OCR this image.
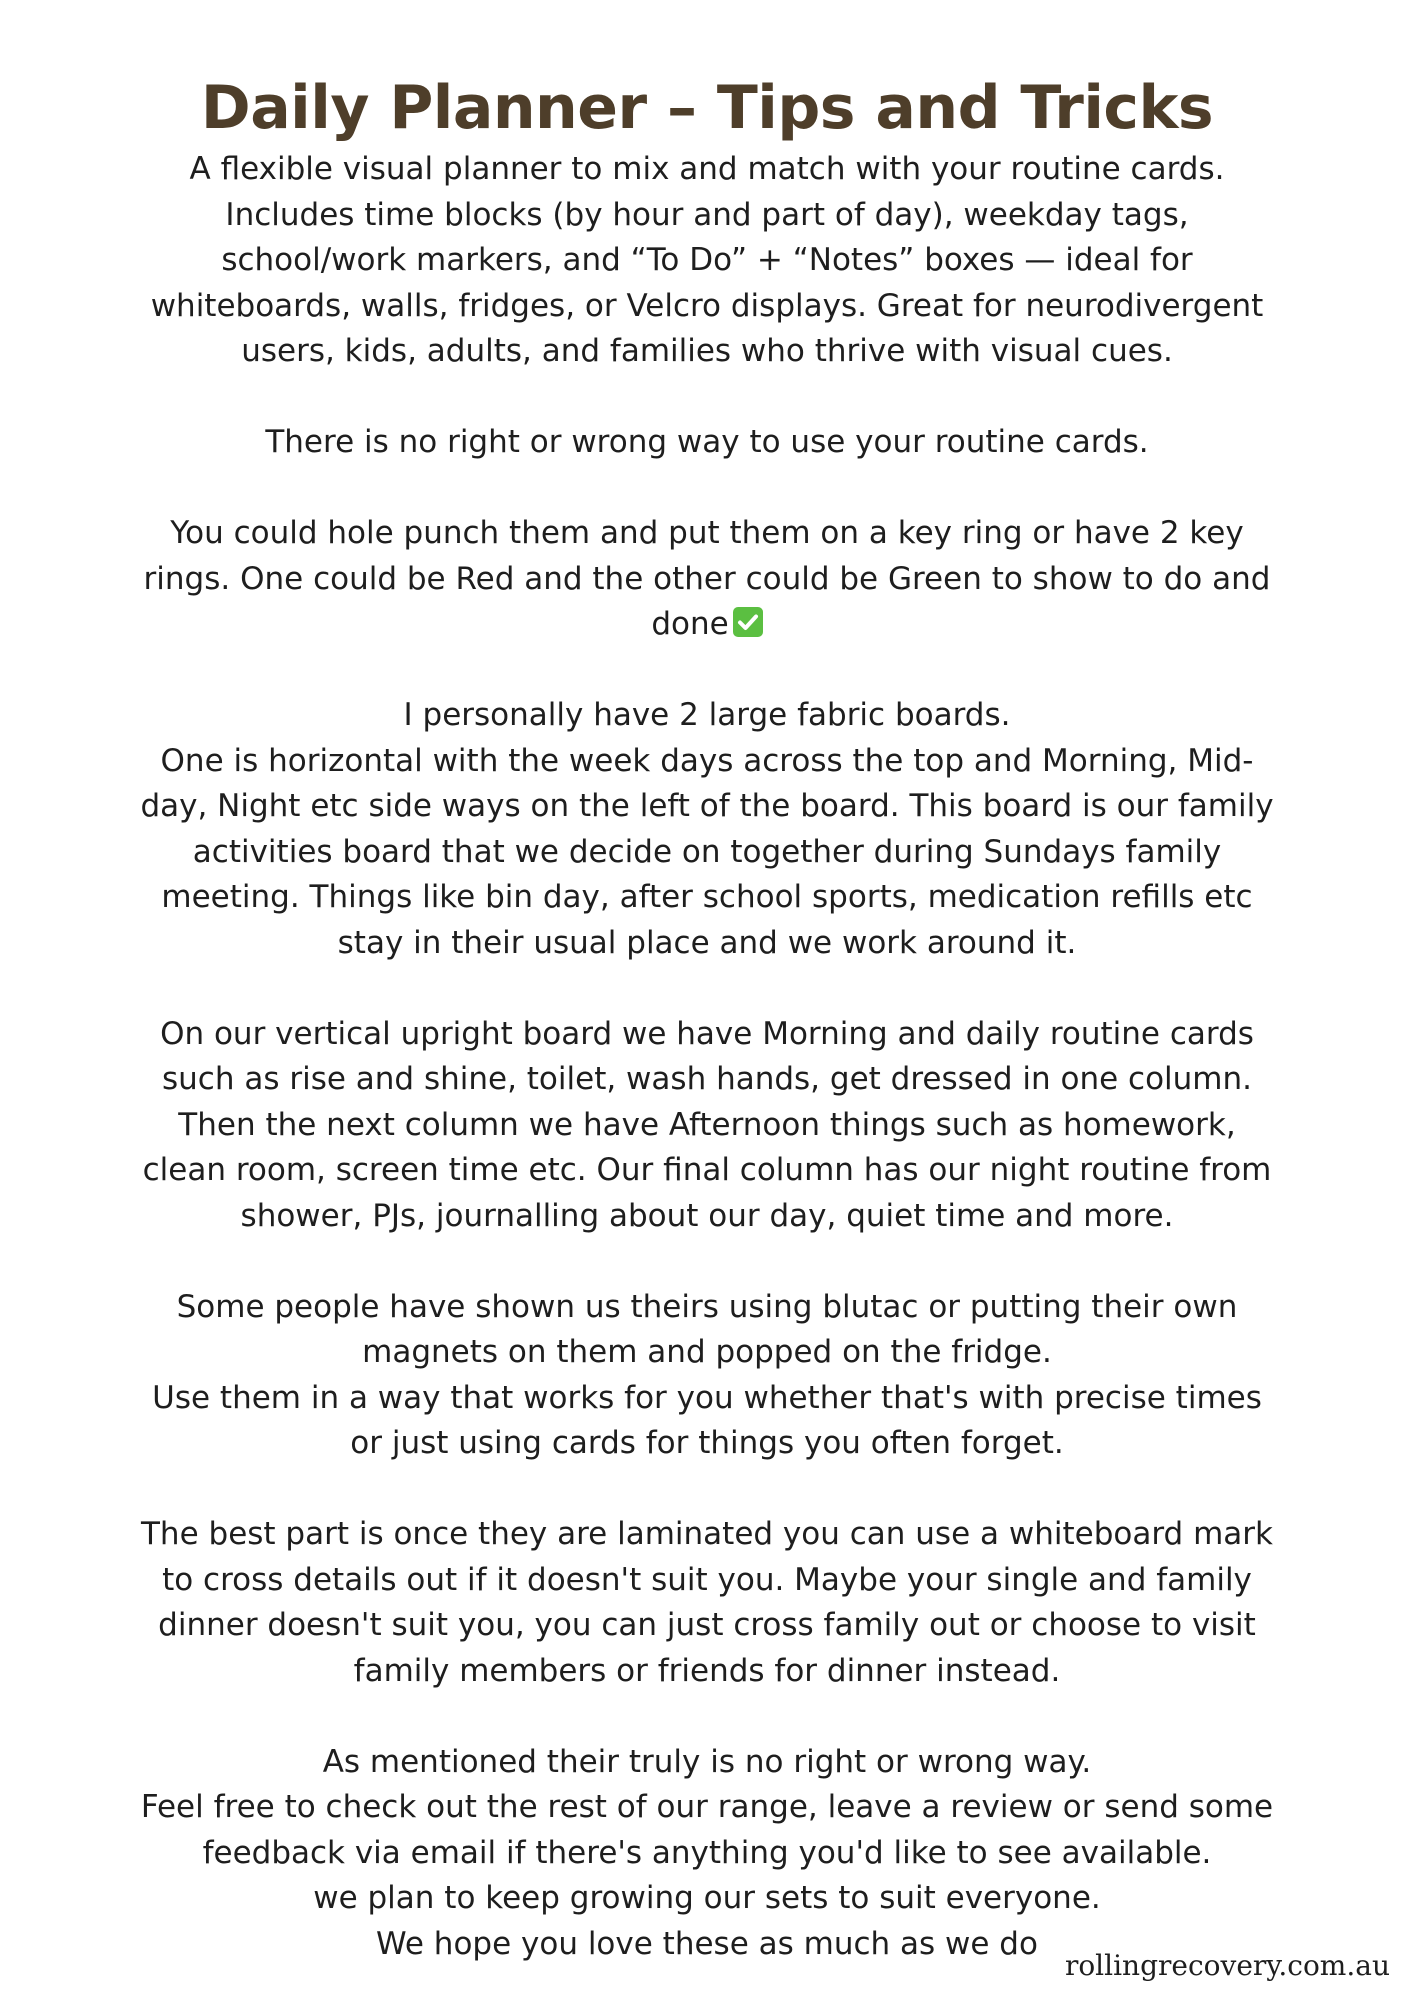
Daily Planner – Tips and Tricks
A flexible visual planner to mix and match with your routine cards.
Includes time blocks (by hour and part of day), weekday tags,
school/work markers, and “To Do” + “Notes” boxes — ideal for
whiteboards, walls, fridges, or Velcro displays. Great for neurodivergent
users, kids, adults, and families who thrive with visual cues.
There is no right or wrong way to use your routine cards.
You could hole punch them and put them on a key ring or have 2 key
rings. One could be Red and the other could be Green to show to do and
done
I personally have 2 large fabric boards.
One is horizontal with the week days across the top and Morning, Mid-
day, Night etc side ways on the left of the board. This board is our family
activities board that we decide on together during Sundays family
meeting. Things like bin day, after school sports, medication refills etc
stay in their usual place and we work around it.
On our vertical upright board we have Morning and daily routine cards
such as rise and shine, toilet, wash hands, get dressed in one column.
Then the next column we have Afternoon things such as homework,
clean room, screen time etc. Our final column has our night routine from
shower, PJs, journalling about our day, quiet time and more.
Some people have shown us theirs using blutac or putting their own
magnets on them and popped on the fridge.
Use them in a way that works for you whether that's with precise times
or just using cards for things you often forget.
The best part is once they are laminated you can use a whiteboard mark
to cross details out if it doesn't suit you. Maybe your single and family
dinner doesn't suit you, you can just cross family out or choose to visit
family members or friends for dinner instead.
As mentioned their truly is no right or wrong way.
Feel free to check out the rest of our range, leave a review or send some
feedback via email if there's anything you'd like to see available.
we plan to keep growing our sets to suit everyone.
We hope you love these as much as we do
rollingrecovery.com.au
